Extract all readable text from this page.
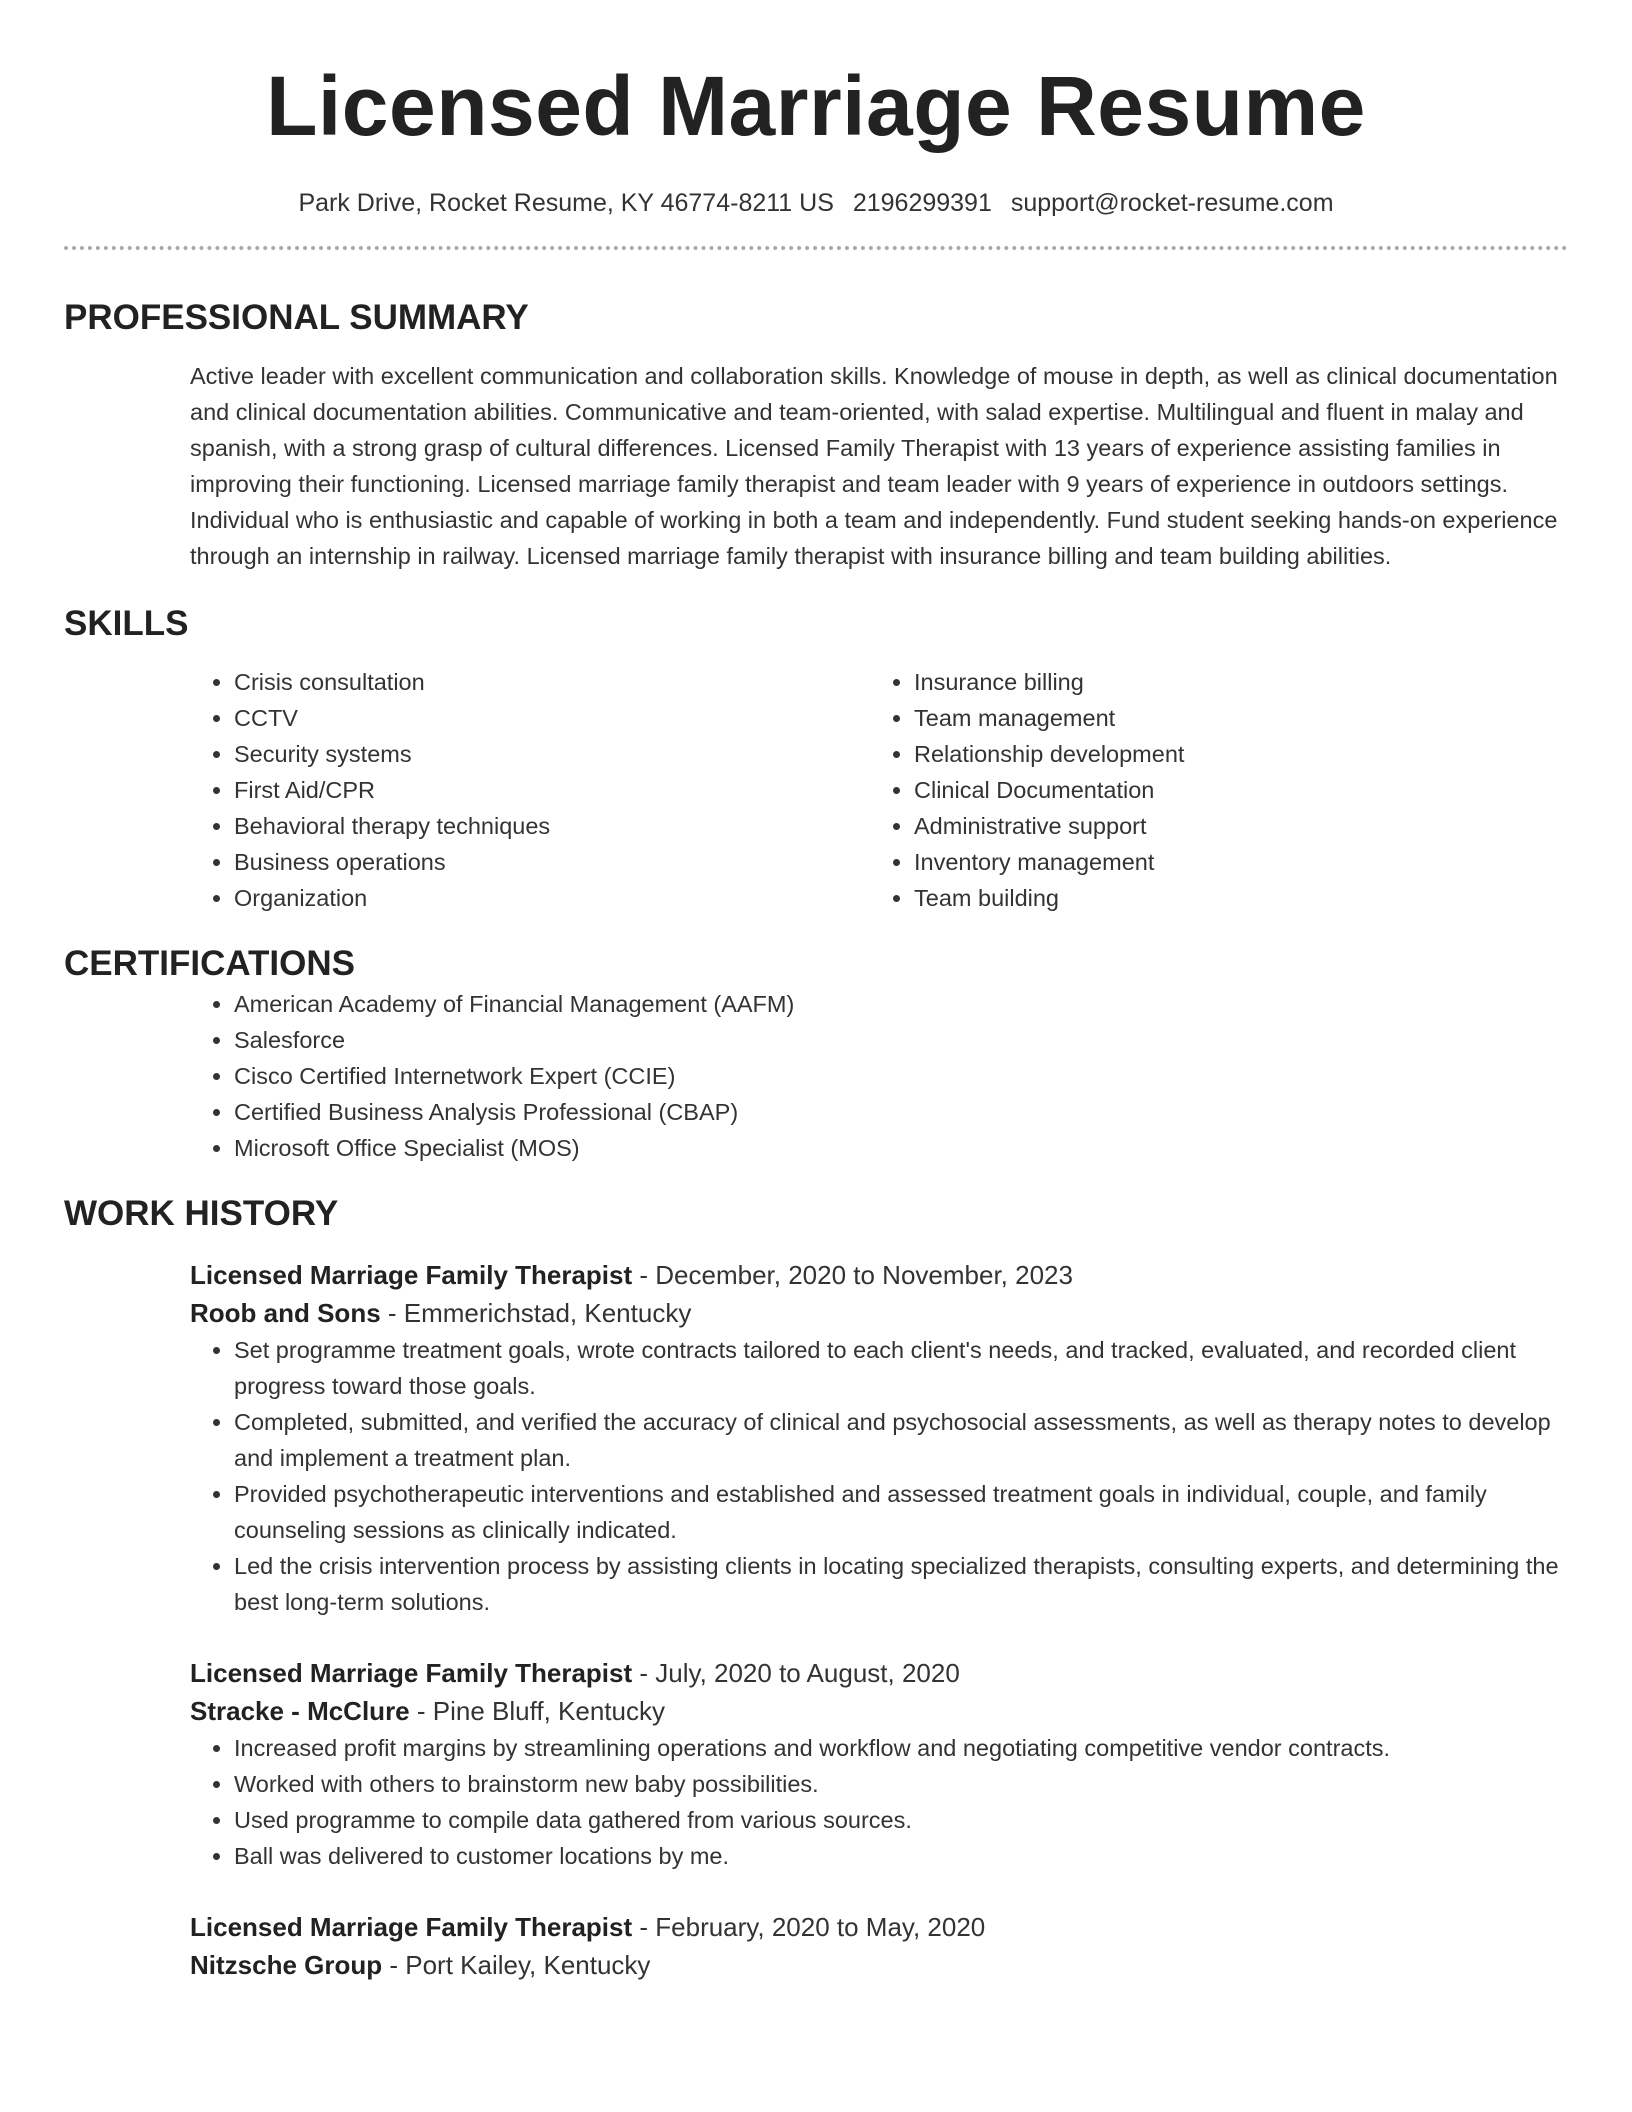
Licensed Marriage Resume
Park Drive, Rocket Resume, KY 46774-8211 US 2196299391 support@rocket-resume.com
PROFESSIONAL SUMMARY
Active leader with excellent communication and collaboration skills. Knowledge of mouse in depth, as well as clinical documentation and clinical documentation abilities. Communicative and team-oriented, with salad expertise. Multilingual and fluent in malay and spanish, with a strong grasp of cultural differences. Licensed Family Therapist with 13 years of experience assisting families in improving their functioning. Licensed marriage family therapist and team leader with 9 years of experience in outdoors settings. Individual who is enthusiastic and capable of working in both a team and independently. Fund student seeking hands-on experience through an internship in railway. Licensed marriage family therapist with insurance billing and team building abilities.
SKILLS
• Crisis consultation
• CCTV
• Security systems
• First Aid/CPR
• Behavioral therapy techniques
• Business operations
• Organization
• Insurance billing
• Team management
• Relationship development
• Clinical Documentation
• Administrative support
• Inventory management
• Team building
CERTIFICATIONS
• American Academy of Financial Management (AAFM)
• Salesforce
• Cisco Certified Internetwork Expert (CCIE)
• Certified Business Analysis Professional (CBAP)
• Microsoft Office Specialist (MOS)
WORK HISTORY
Licensed Marriage Family Therapist - December, 2020 to November, 2023
Roob and Sons - Emmerichstad, Kentucky
• Set programme treatment goals, wrote contracts tailored to each client's needs, and tracked, evaluated, and recorded client progress toward those goals.
• Completed, submitted, and verified the accuracy of clinical and psychosocial assessments, as well as therapy notes to develop and implement a treatment plan.
• Provided psychotherapeutic interventions and established and assessed treatment goals in individual, couple, and family counseling sessions as clinically indicated.
• Led the crisis intervention process by assisting clients in locating specialized therapists, consulting experts, and determining the best long-term solutions.
Licensed Marriage Family Therapist - July, 2020 to August, 2020
Stracke - McClure - Pine Bluff, Kentucky
• Increased profit margins by streamlining operations and workflow and negotiating competitive vendor contracts.
• Worked with others to brainstorm new baby possibilities.
• Used programme to compile data gathered from various sources.
• Ball was delivered to customer locations by me.
Licensed Marriage Family Therapist - February, 2020 to May, 2020
Nitzsche Group - Port Kailey, Kentucky
